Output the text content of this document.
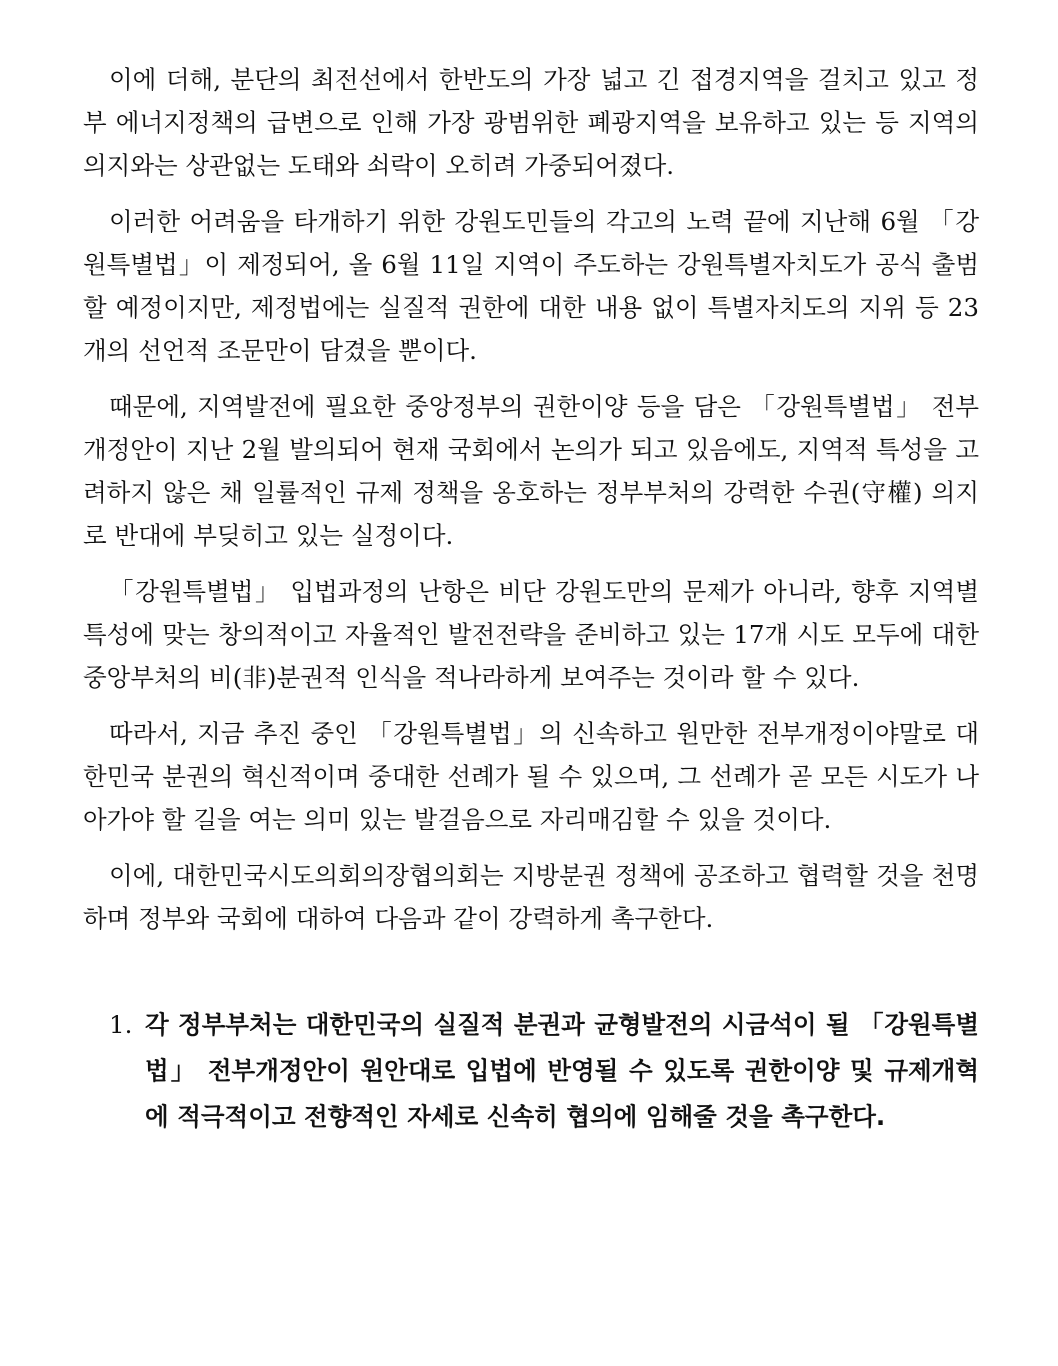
이에 더해, 분단의 최전선에서 한반도의 가장 넓고 긴 접경지역을 걸치고 있고 정부 에너지정책의 급변으로 인해 가장 광범위한 폐광지역을 보유하고 있는 등 지역의 의지와는 상관없는 도태와 쇠락이 오히려 가중되어졌다.

이러한 어려움을 타개하기 위한 강원도민들의 각고의 노력 끝에 지난해 6월 「강원특별법」이 제정되어, 올 6월 11일 지역이 주도하는 강원특별자치도가 공식 출범할 예정이지만, 제정법에는 실질적 권한에 대한 내용 없이 특별자치도의 지위 등 23개의 선언적 조문만이 담겼을 뿐이다.

때문에, 지역발전에 필요한 중앙정부의 권한이양 등을 담은 「강원특별법」 전부개정안이 지난 2월 발의되어 현재 국회에서 논의가 되고 있음에도, 지역적 특성을 고려하지 않은 채 일률적인 규제 정책을 옹호하는 정부부처의 강력한 수권(守權) 의지로 반대에 부딪히고 있는 실정이다.

「강원특별법」 입법과정의 난항은 비단 강원도만의 문제가 아니라, 향후 지역별 특성에 맞는 창의적이고 자율적인 발전전략을 준비하고 있는 17개 시도 모두에 대한 중앙부처의 비(非)분권적 인식을 적나라하게 보여주는 것이라 할 수 있다.

따라서, 지금 추진 중인 「강원특별법」의 신속하고 원만한 전부개정이야말로 대한민국 분권의 혁신적이며 중대한 선례가 될 수 있으며, 그 선례가 곧 모든 시도가 나아가야 할 길을 여는 의미 있는 발걸음으로 자리매김할 수 있을 것이다.

이에, 대한민국시도의회의장협의회는 지방분권 정책에 공조하고 협력할 것을 천명하며 정부와 국회에 대하여 다음과 같이 강력하게 촉구한다.

1. 각 정부부처는 대한민국의 실질적 분권과 균형발전의 시금석이 될 「강원특별법」 전부개정안이 원안대로 입법에 반영될 수 있도록 권한이양 및 규제개혁에 적극적이고 전향적인 자세로 신속히 협의에 임해줄 것을 촉구한다.
